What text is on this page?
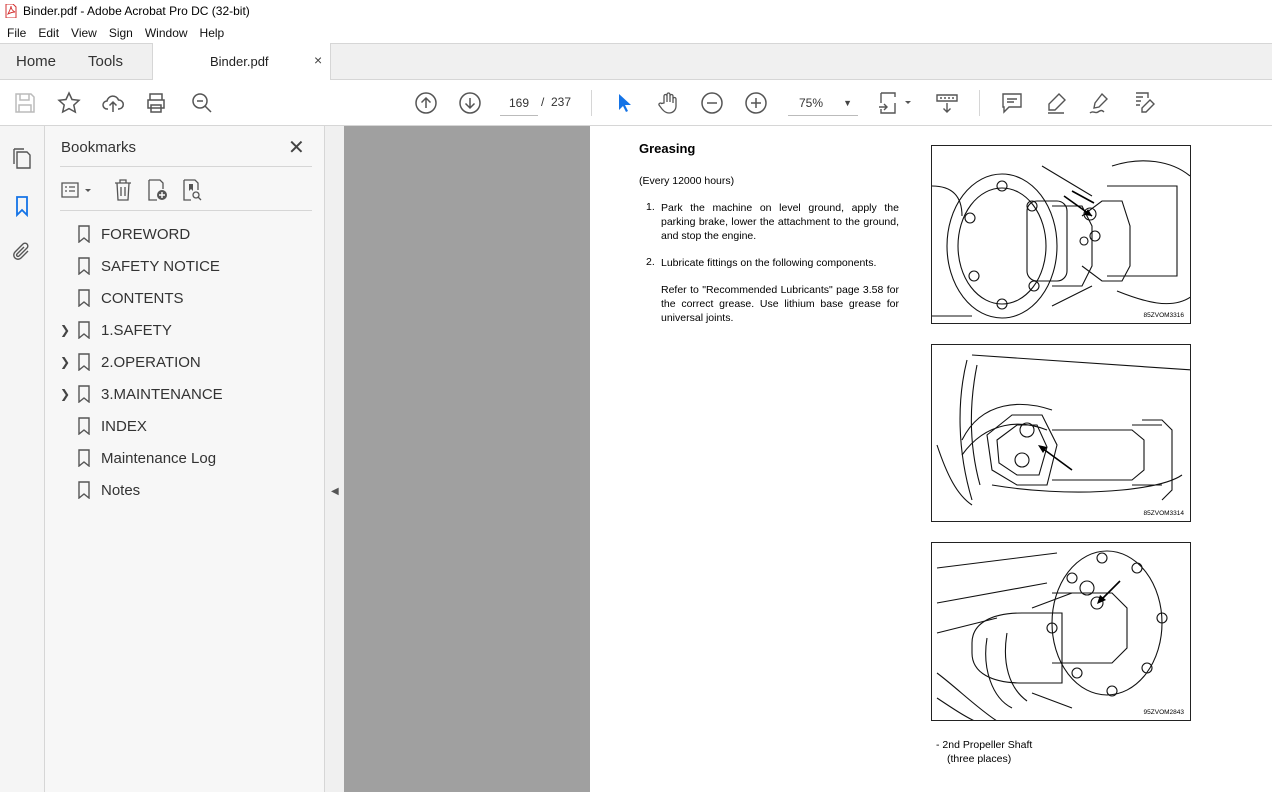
Binder.pdf - Adobe Acrobat Pro DC (32-bit)
File	Edit	View	Sign	Window	Help
Home Tools	Binder.pdf	×
169 / 237	75% ▼
Bookmarks	✕
FOREWORD
SAFETY NOTICE
CONTENTS
❯ 1.SAFETY
❯ 2.OPERATION
❯ 3.MAINTENANCE
INDEX
Maintenance Log
Notes	◀
Greasing
(Every 12000 hours)
1. Park the machine on level ground, apply the parking brake, lower the attachment to the ground, and stop the engine.
2. Lubricate fittings on the following components.
Refer to "Recommended Lubricants" page 3.58 for the correct grease. Use lithium base grease for universal joints.	85ZVOM3316
85ZVOM3314
95ZVOM2843
- 2nd Propeller Shaft
(three places)
